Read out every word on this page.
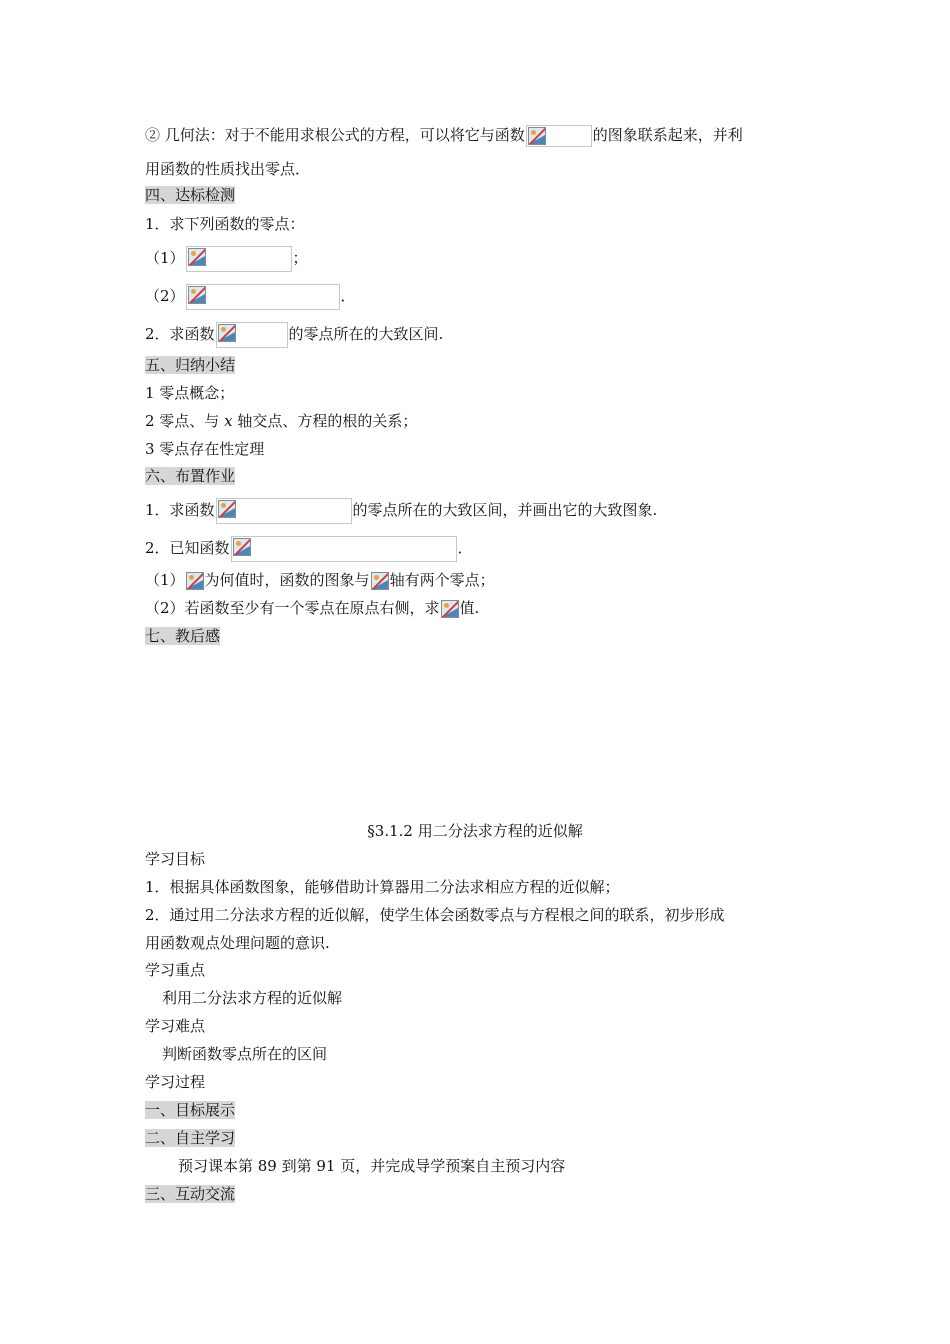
② 几何法：对于不能用求根公式的方程，可以将它与函数	的图象联系起来，并利
用函数的性质找出零点．
四、达标检测
1．求下列函数的零点：
（1）	；
（2）	．
2．求函数	的零点所在的大致区间.
五、归纳小结
1 零点概念；
2 零点、与 x 轴交点、方程的根的关系；
3 零点存在性定理
六、布置作业
1．求函数	的零点所在的大致区间，并画出它的大致图象.
2．已知函数	．
（1） 为何值时，函数的图象与 轴有两个零点；
（2）若函数至少有一个零点在原点右侧，求 值.
七、教后感
§3.1.2 用二分法求方程的近似解
学习目标
1．根据具体函数图象，能够借助计算器用二分法求相应方程的近似解；
2．通过用二分法求方程的近似解，使学生体会函数零点与方程根之间的联系，初步形成
用函数观点处理问题的意识.
学习重点
利用二分法求方程的近似解
学习难点
判断函数零点所在的区间
学习过程
一、目标展示
二、自主学习
预习课本第 89 到第 91 页，并完成导学预案自主预习内容
三、互动交流
